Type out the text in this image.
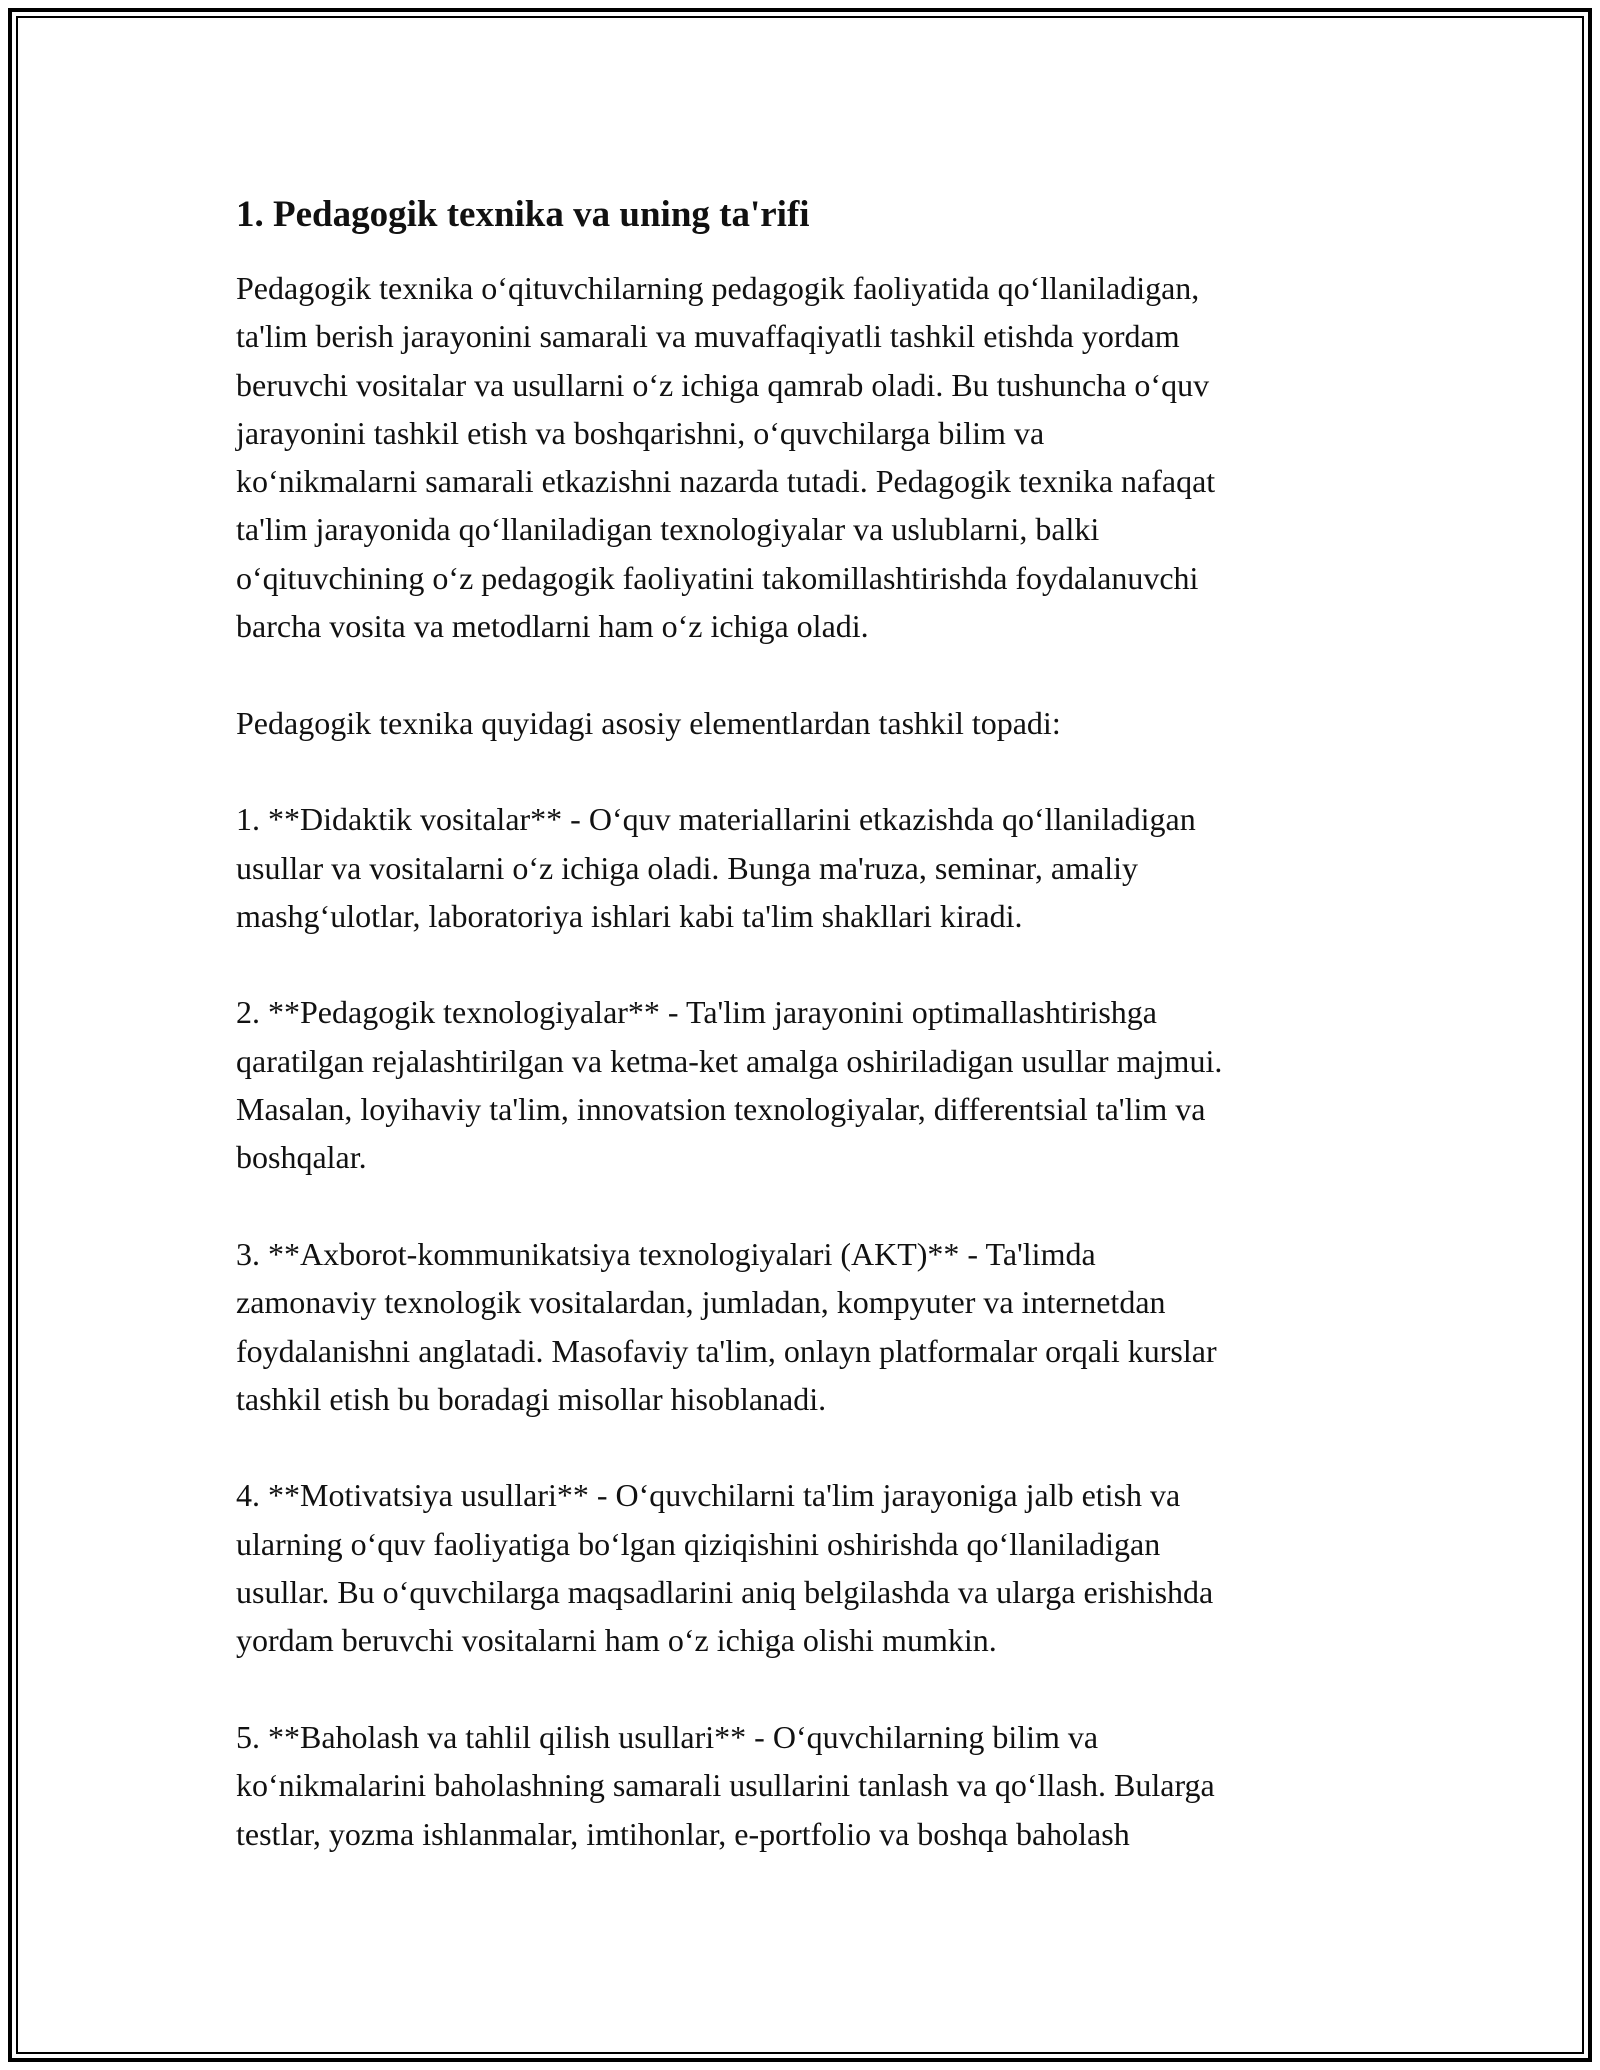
1. Pedagogik texnika va uning ta'rifi

Pedagogik texnika o‘qituvchilarning pedagogik faoliyatida qo‘llaniladigan,
ta'lim berish jarayonini samarali va muvaffaqiyatli tashkil etishda yordam
beruvchi vositalar va usullarni o‘z ichiga qamrab oladi. Bu tushuncha o‘quv
jarayonini tashkil etish va boshqarishni, o‘quvchilarga bilim va
ko‘nikmalarni samarali etkazishni nazarda tutadi. Pedagogik texnika nafaqat
ta'lim jarayonida qo‘llaniladigan texnologiyalar va uslublarni, balki
o‘qituvchining o‘z pedagogik faoliyatini takomillashtirishda foydalanuvchi
barcha vosita va metodlarni ham o‘z ichiga oladi.

Pedagogik texnika quyidagi asosiy elementlardan tashkil topadi:

1. **Didaktik vositalar** - O‘quv materiallarini etkazishda qo‘llaniladigan
usullar va vositalarni o‘z ichiga oladi. Bunga ma'ruza, seminar, amaliy
mashg‘ulotlar, laboratoriya ishlari kabi ta'lim shakllari kiradi.

2. **Pedagogik texnologiyalar** - Ta'lim jarayonini optimallashtirishga
qaratilgan rejalashtirilgan va ketma-ket amalga oshiriladigan usullar majmui.
Masalan, loyihaviy ta'lim, innovatsion texnologiyalar, differentsial ta'lim va
boshqalar.

3. **Axborot-kommunikatsiya texnologiyalari (AKT)** - Ta'limda
zamonaviy texnologik vositalardan, jumladan, kompyuter va internetdan
foydalanishni anglatadi. Masofaviy ta'lim, onlayn platformalar orqali kurslar
tashkil etish bu boradagi misollar hisoblanadi.

4. **Motivatsiya usullari** - O‘quvchilarni ta'lim jarayoniga jalb etish va
ularning o‘quv faoliyatiga bo‘lgan qiziqishini oshirishda qo‘llaniladigan
usullar. Bu o‘quvchilarga maqsadlarini aniq belgilashda va ularga erishishda
yordam beruvchi vositalarni ham o‘z ichiga olishi mumkin.

5. **Baholash va tahlil qilish usullari** - O‘quvchilarning bilim va
ko‘nikmalarini baholashning samarali usullarini tanlash va qo‘llash. Bularga
testlar, yozma ishlanmalar, imtihonlar, e-portfolio va boshqa baholash
